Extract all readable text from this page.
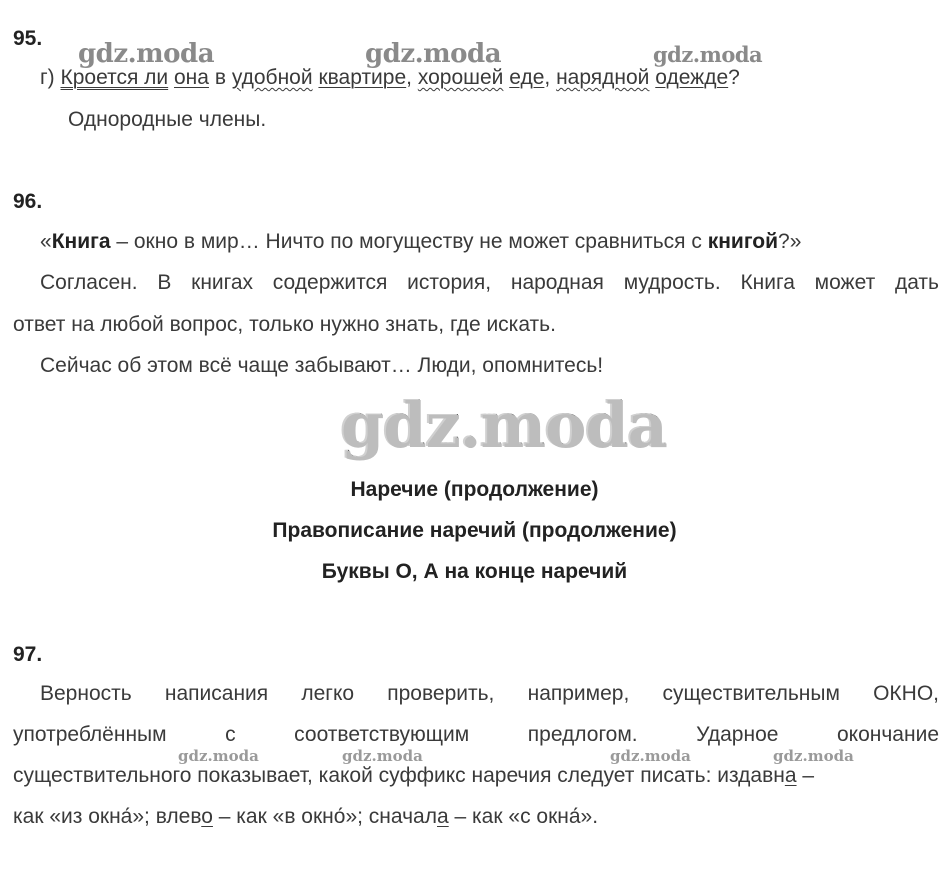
gdz.moda	gdz.moda	gdz.moda
gdz.moda
gdz.moda	gdz.moda	gdz.moda	gdz.moda
95.
г) Кроется ли она в удобной квартире, хорошей еде, нарядной одежде?
Однородные члены.
96.
«Книга – окно в мир… Ничто по могуществу не может сравниться с книгой?»
Согласен. В книгах содержится история, народная мудрость. Книга может дать
ответ на любой вопрос, только нужно знать, где искать.
Сейчас об этом всё чаще забывают… Люди, опомнитесь!
Наречие (продолжение)
Правописание наречий (продолжение)
Буквы О, А на конце наречий
97.
Верность написания легко проверить, например, существительным ОКНО,
употреблённым с соответствующим предлогом. Ударное окончание
существительного показывает, какой суффикс наречия следует писать: издавна –
как «из окна́»; влево – как «в окно́»; сначала – как «с окна́».
